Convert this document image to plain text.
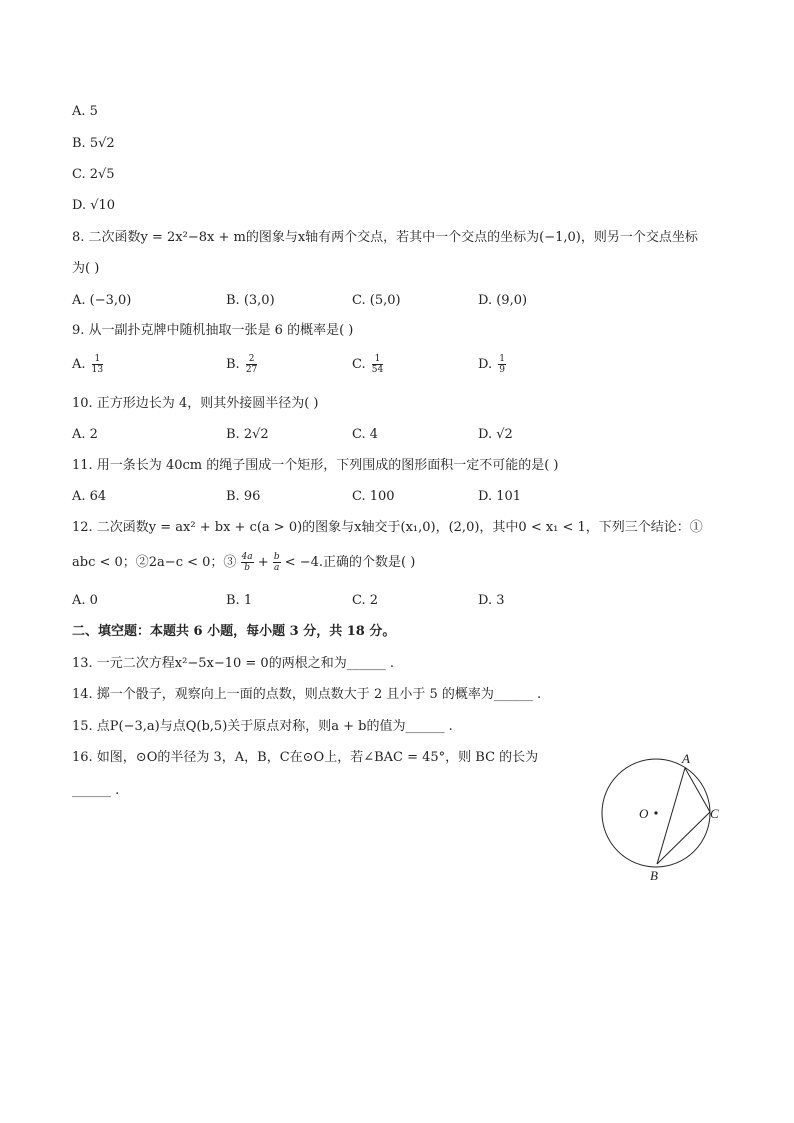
A. 5
B. 5√2
C. 2√5
D. √10
8. 二次函数y = 2x²−8x + m的图象与x轴有两个交点，若其中一个交点的坐标为(−1,0)，则另一个交点坐标
为( )
A. (−3,0)	B. (3,0)	C. (5,0)	D. (9,0)
9. 从一副扑克牌中随机抽取一张是 6 的概率是( )
A. $\frac{1}{13}$	B. $\frac{2}{27}$	C. $\frac{1}{54}$	D. $\frac{1}{9}$
10. 正方形边长为 4，则其外接圆半径为( )
A. 2	B. 2√2	C. 4	D. √2
11. 用一条长为 40cm 的绳子围成一个矩形，下列围成的图形面积一定不可能的是( )
A. 64	B. 96	C. 100	D. 101
12. 二次函数y = ax² + bx + c(a > 0)的图象与x轴交于(x₁,0)，(2,0)，其中0 < x₁ < 1，下列三个结论：①
abc < 0；②2a−c < 0；③ $\frac{4a}{b} + \frac{b}{a} < -4$.正确的个数是( )
A. 0	B. 1	C. 2	D. 3
二、填空题：本题共 6 小题，每小题 3 分，共 18 分。
13. 一元二次方程x²−5x−10 = 0的两根之和为______ .
14. 掷一个骰子，观察向上一面的点数，则点数大于 2 且小于 5 的概率为______ .
15. 点P(−3,a)与点Q(b,5)关于原点对称，则a + b的值为______ .
16. 如图，⊙O的半径为 3，A，B，C在⊙O上，若∠BAC = 45°，则 BC 的长为
______ .
A
C
B
O
